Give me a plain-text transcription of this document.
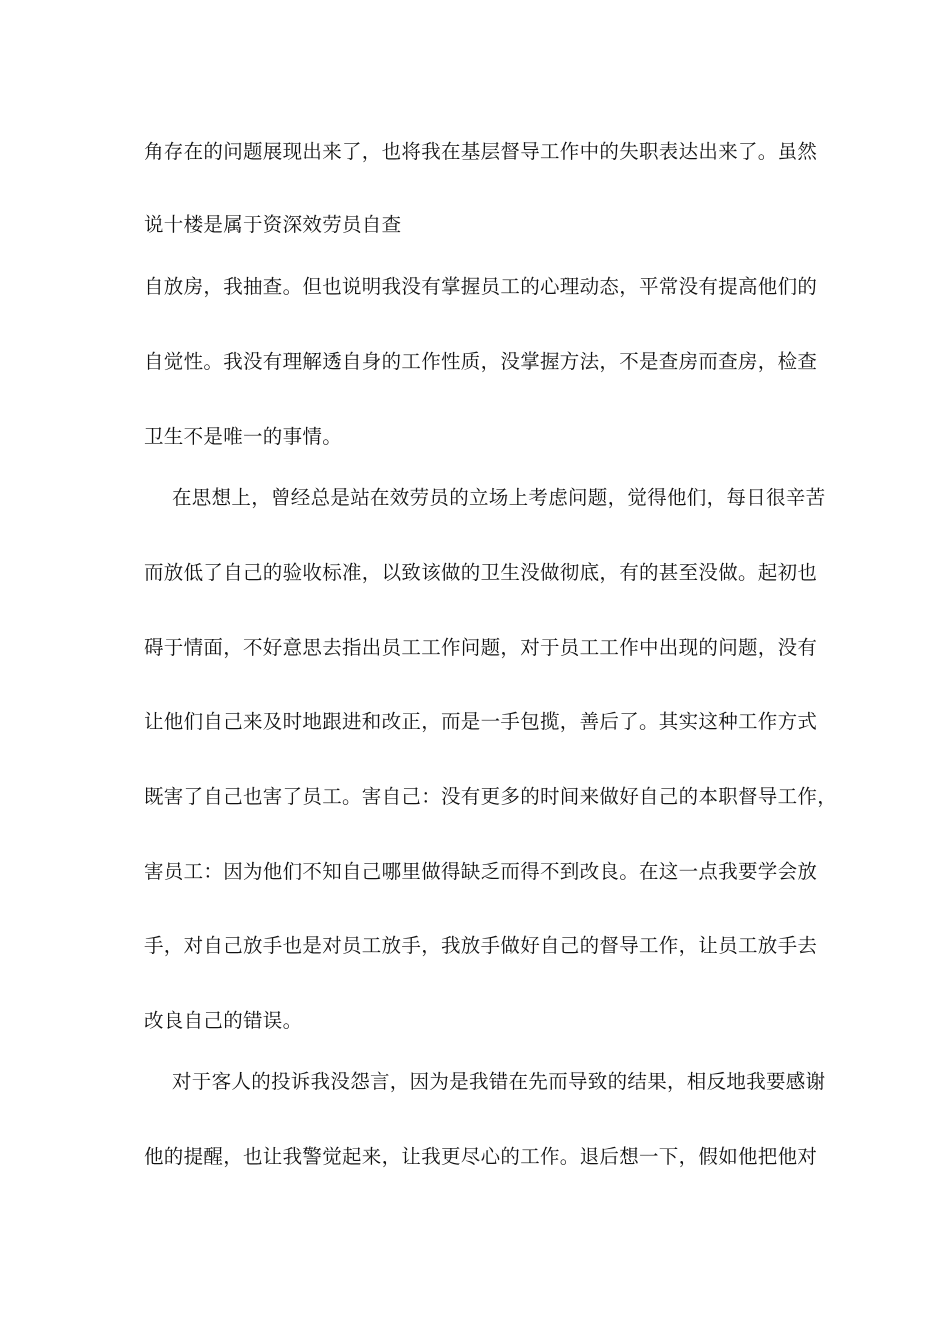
角存在的问题展现出来了，也将我在基层督导工作中的失职表达出来了。虽然
说十楼是属于资深效劳员自查
自放房，我抽查。但也说明我没有掌握员工的心理动态，平常没有提高他们的
自觉性。我没有理解透自身的工作性质，没掌握方法，不是查房而查房，检查
卫生不是唯一的事情。
在思想上，曾经总是站在效劳员的立场上考虑问题，觉得他们，每日很辛苦
而放低了自己的验收标准，以致该做的卫生没做彻底，有的甚至没做。起初也
碍于情面，不好意思去指出员工工作问题，对于员工工作中出现的问题，没有
让他们自己来及时地跟进和改正，而是一手包揽，善后了。其实这种工作方式
既害了自己也害了员工。害自己：没有更多的时间来做好自己的本职督导工作，
害员工：因为他们不知自己哪里做得缺乏而得不到改良。在这一点我要学会放
手，对自己放手也是对员工放手，我放手做好自己的督导工作，让员工放手去
改良自己的错误。
对于客人的投诉我没怨言，因为是我错在先而导致的结果，相反地我要感谢
他的提醒，也让我警觉起来，让我更尽心的工作。退后想一下，假如他把他对
